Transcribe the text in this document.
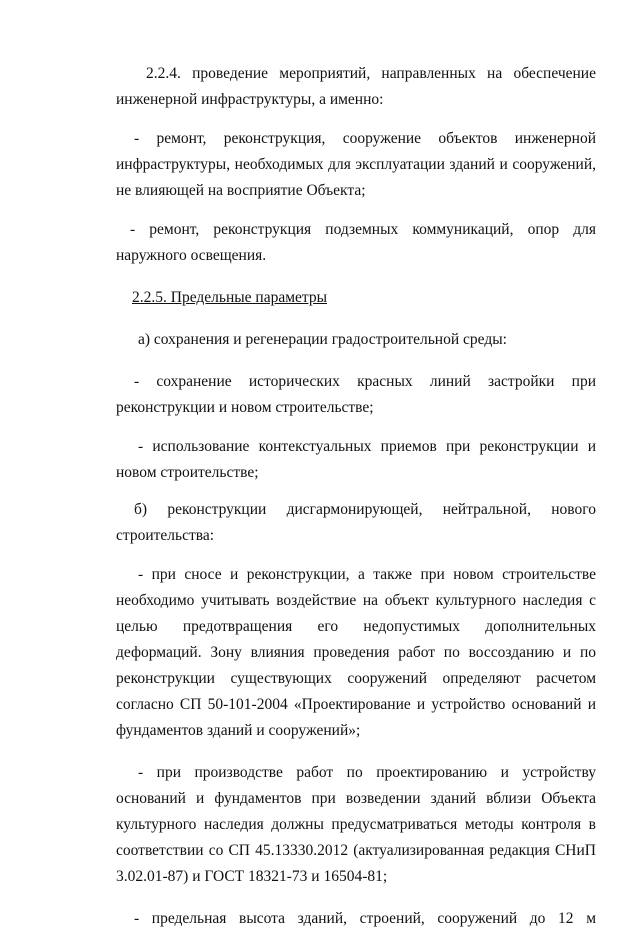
2.2.4. проведение мероприятий, направленных на обеспечение инженерной инфраструктуры, а именно:

- ремонт, реконструкция, сооружение объектов инженерной инфраструктуры, необходимых для эксплуатации зданий и сооружений, не влияющей на восприятие Объекта;

- ремонт, реконструкция подземных коммуникаций, опор для наружного освещения.

2.2.5. Предельные параметры

а) сохранения и регенерации градостроительной среды:

- сохранение исторических красных линий застройки при реконструкции и новом строительстве;

- использование контекстуальных приемов при реконструкции и новом строительстве;

б) реконструкции дисгармонирующей, нейтральной, нового строительства:

- при сносе и реконструкции, а также при новом строительстве необходимо учитывать воздействие на объект культурного наследия с целью предотвращения его недопустимых дополнительных деформаций. Зону влияния проведения работ по воссозданию и по реконструкции существующих сооружений определяют расчетом согласно СП 50-101-2004 «Проектирование и устройство оснований и фундаментов зданий и сооружений»;

- при производстве работ по проектированию и устройству оснований и фундаментов при возведении зданий вблизи Объекта культурного наследия должны предусматриваться методы контроля в соответствии со СП 45.13330.2012 (актуализированная редакция СНиП 3.02.01-87) и ГОСТ 18321-73 и 16504-81;

- предельная высота зданий, строений, сооружений до 12 м
